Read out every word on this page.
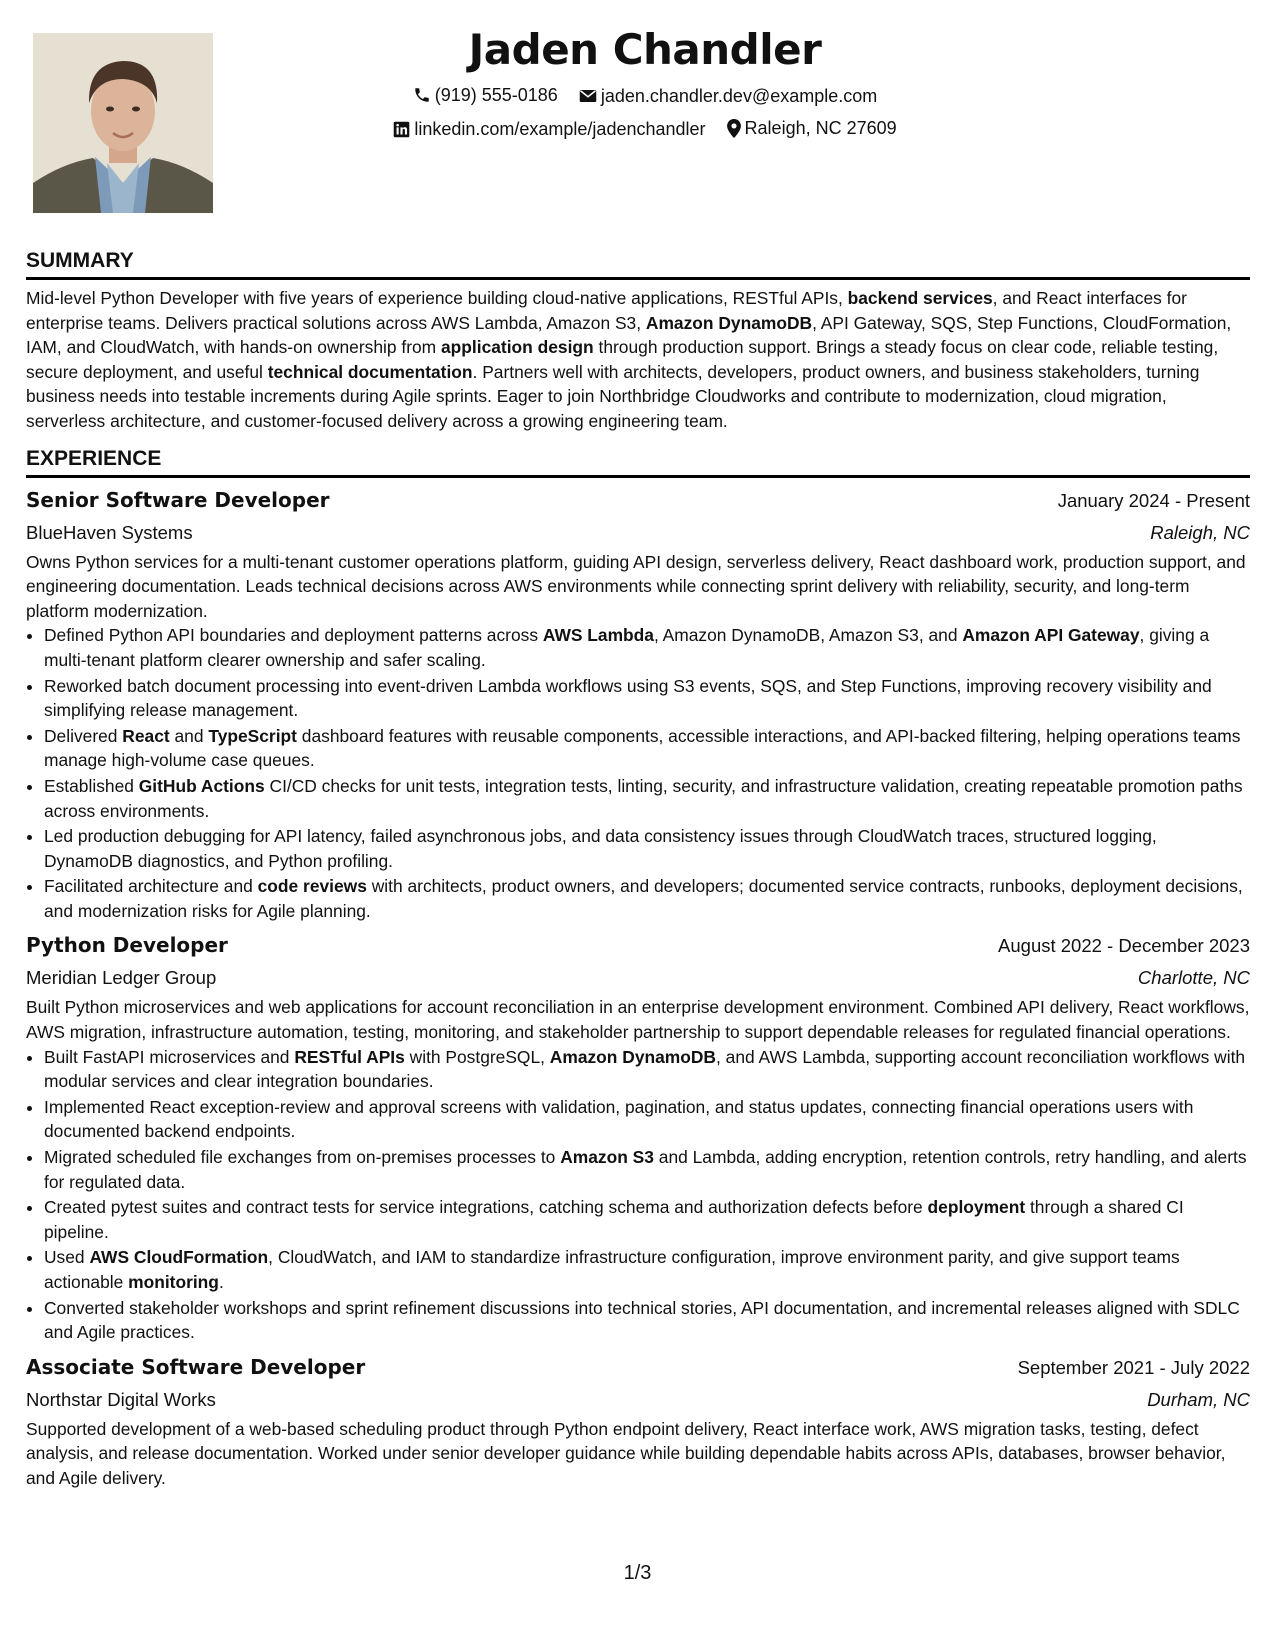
Jaden Chandler
(919) 555-0186
jaden.chandler.dev@example.com
linkedin.com/example/jadenchandler
Raleigh, NC 27609
SUMMARY
Mid-level Python Developer with five years of experience building cloud-native applications, RESTful APIs, backend services, and React interfaces for enterprise teams. Delivers practical solutions across AWS Lambda, Amazon S3, Amazon DynamoDB, API Gateway, SQS, Step Functions, CloudFormation, IAM, and CloudWatch, with hands-on ownership from application design through production support. Brings a steady focus on clear code, reliable testing, secure deployment, and useful technical documentation. Partners well with architects, developers, product owners, and business stakeholders, turning business needs into testable increments during Agile sprints. Eager to join Northbridge Cloudworks and contribute to modernization, cloud migration, serverless architecture, and customer-focused delivery across a growing engineering team.
EXPERIENCE
Senior Software Developer	January 2024 - Present
BlueHaven Systems	Raleigh, NC
Owns Python services for a multi-tenant customer operations platform, guiding API design, serverless delivery, React dashboard work, production support, and engineering documentation. Leads technical decisions across AWS environments while connecting sprint delivery with reliability, security, and long-term platform modernization.
• Defined Python API boundaries and deployment patterns across AWS Lambda, Amazon DynamoDB, Amazon S3, and Amazon API Gateway, giving a multi-tenant platform clearer ownership and safer scaling.
• Reworked batch document processing into event-driven Lambda workflows using S3 events, SQS, and Step Functions, improving recovery visibility and simplifying release management.
• Delivered React and TypeScript dashboard features with reusable components, accessible interactions, and API-backed filtering, helping operations teams manage high-volume case queues.
• Established GitHub Actions CI/CD checks for unit tests, integration tests, linting, security, and infrastructure validation, creating repeatable promotion paths across environments.
• Led production debugging for API latency, failed asynchronous jobs, and data consistency issues through CloudWatch traces, structured logging, DynamoDB diagnostics, and Python profiling.
• Facilitated architecture and code reviews with architects, product owners, and developers; documented service contracts, runbooks, deployment decisions, and modernization risks for Agile planning.
Python Developer	August 2022 - December 2023
Meridian Ledger Group	Charlotte, NC
Built Python microservices and web applications for account reconciliation in an enterprise development environment. Combined API delivery, React workflows, AWS migration, infrastructure automation, testing, monitoring, and stakeholder partnership to support dependable releases for regulated financial operations.
• Built FastAPI microservices and RESTful APIs with PostgreSQL, Amazon DynamoDB, and AWS Lambda, supporting account reconciliation workflows with modular services and clear integration boundaries.
• Implemented React exception-review and approval screens with validation, pagination, and status updates, connecting financial operations users with documented backend endpoints.
• Migrated scheduled file exchanges from on-premises processes to Amazon S3 and Lambda, adding encryption, retention controls, retry handling, and alerts for regulated data.
• Created pytest suites and contract tests for service integrations, catching schema and authorization defects before deployment through a shared CI pipeline.
• Used AWS CloudFormation, CloudWatch, and IAM to standardize infrastructure configuration, improve environment parity, and give support teams actionable monitoring.
• Converted stakeholder workshops and sprint refinement discussions into technical stories, API documentation, and incremental releases aligned with SDLC and Agile practices.
Associate Software Developer	September 2021 - July 2022
Northstar Digital Works	Durham, NC
Supported development of a web-based scheduling product through Python endpoint delivery, React interface work, AWS migration tasks, testing, defect analysis, and release documentation. Worked under senior developer guidance while building dependable habits across APIs, databases, browser behavior, and Agile delivery.
1/3
